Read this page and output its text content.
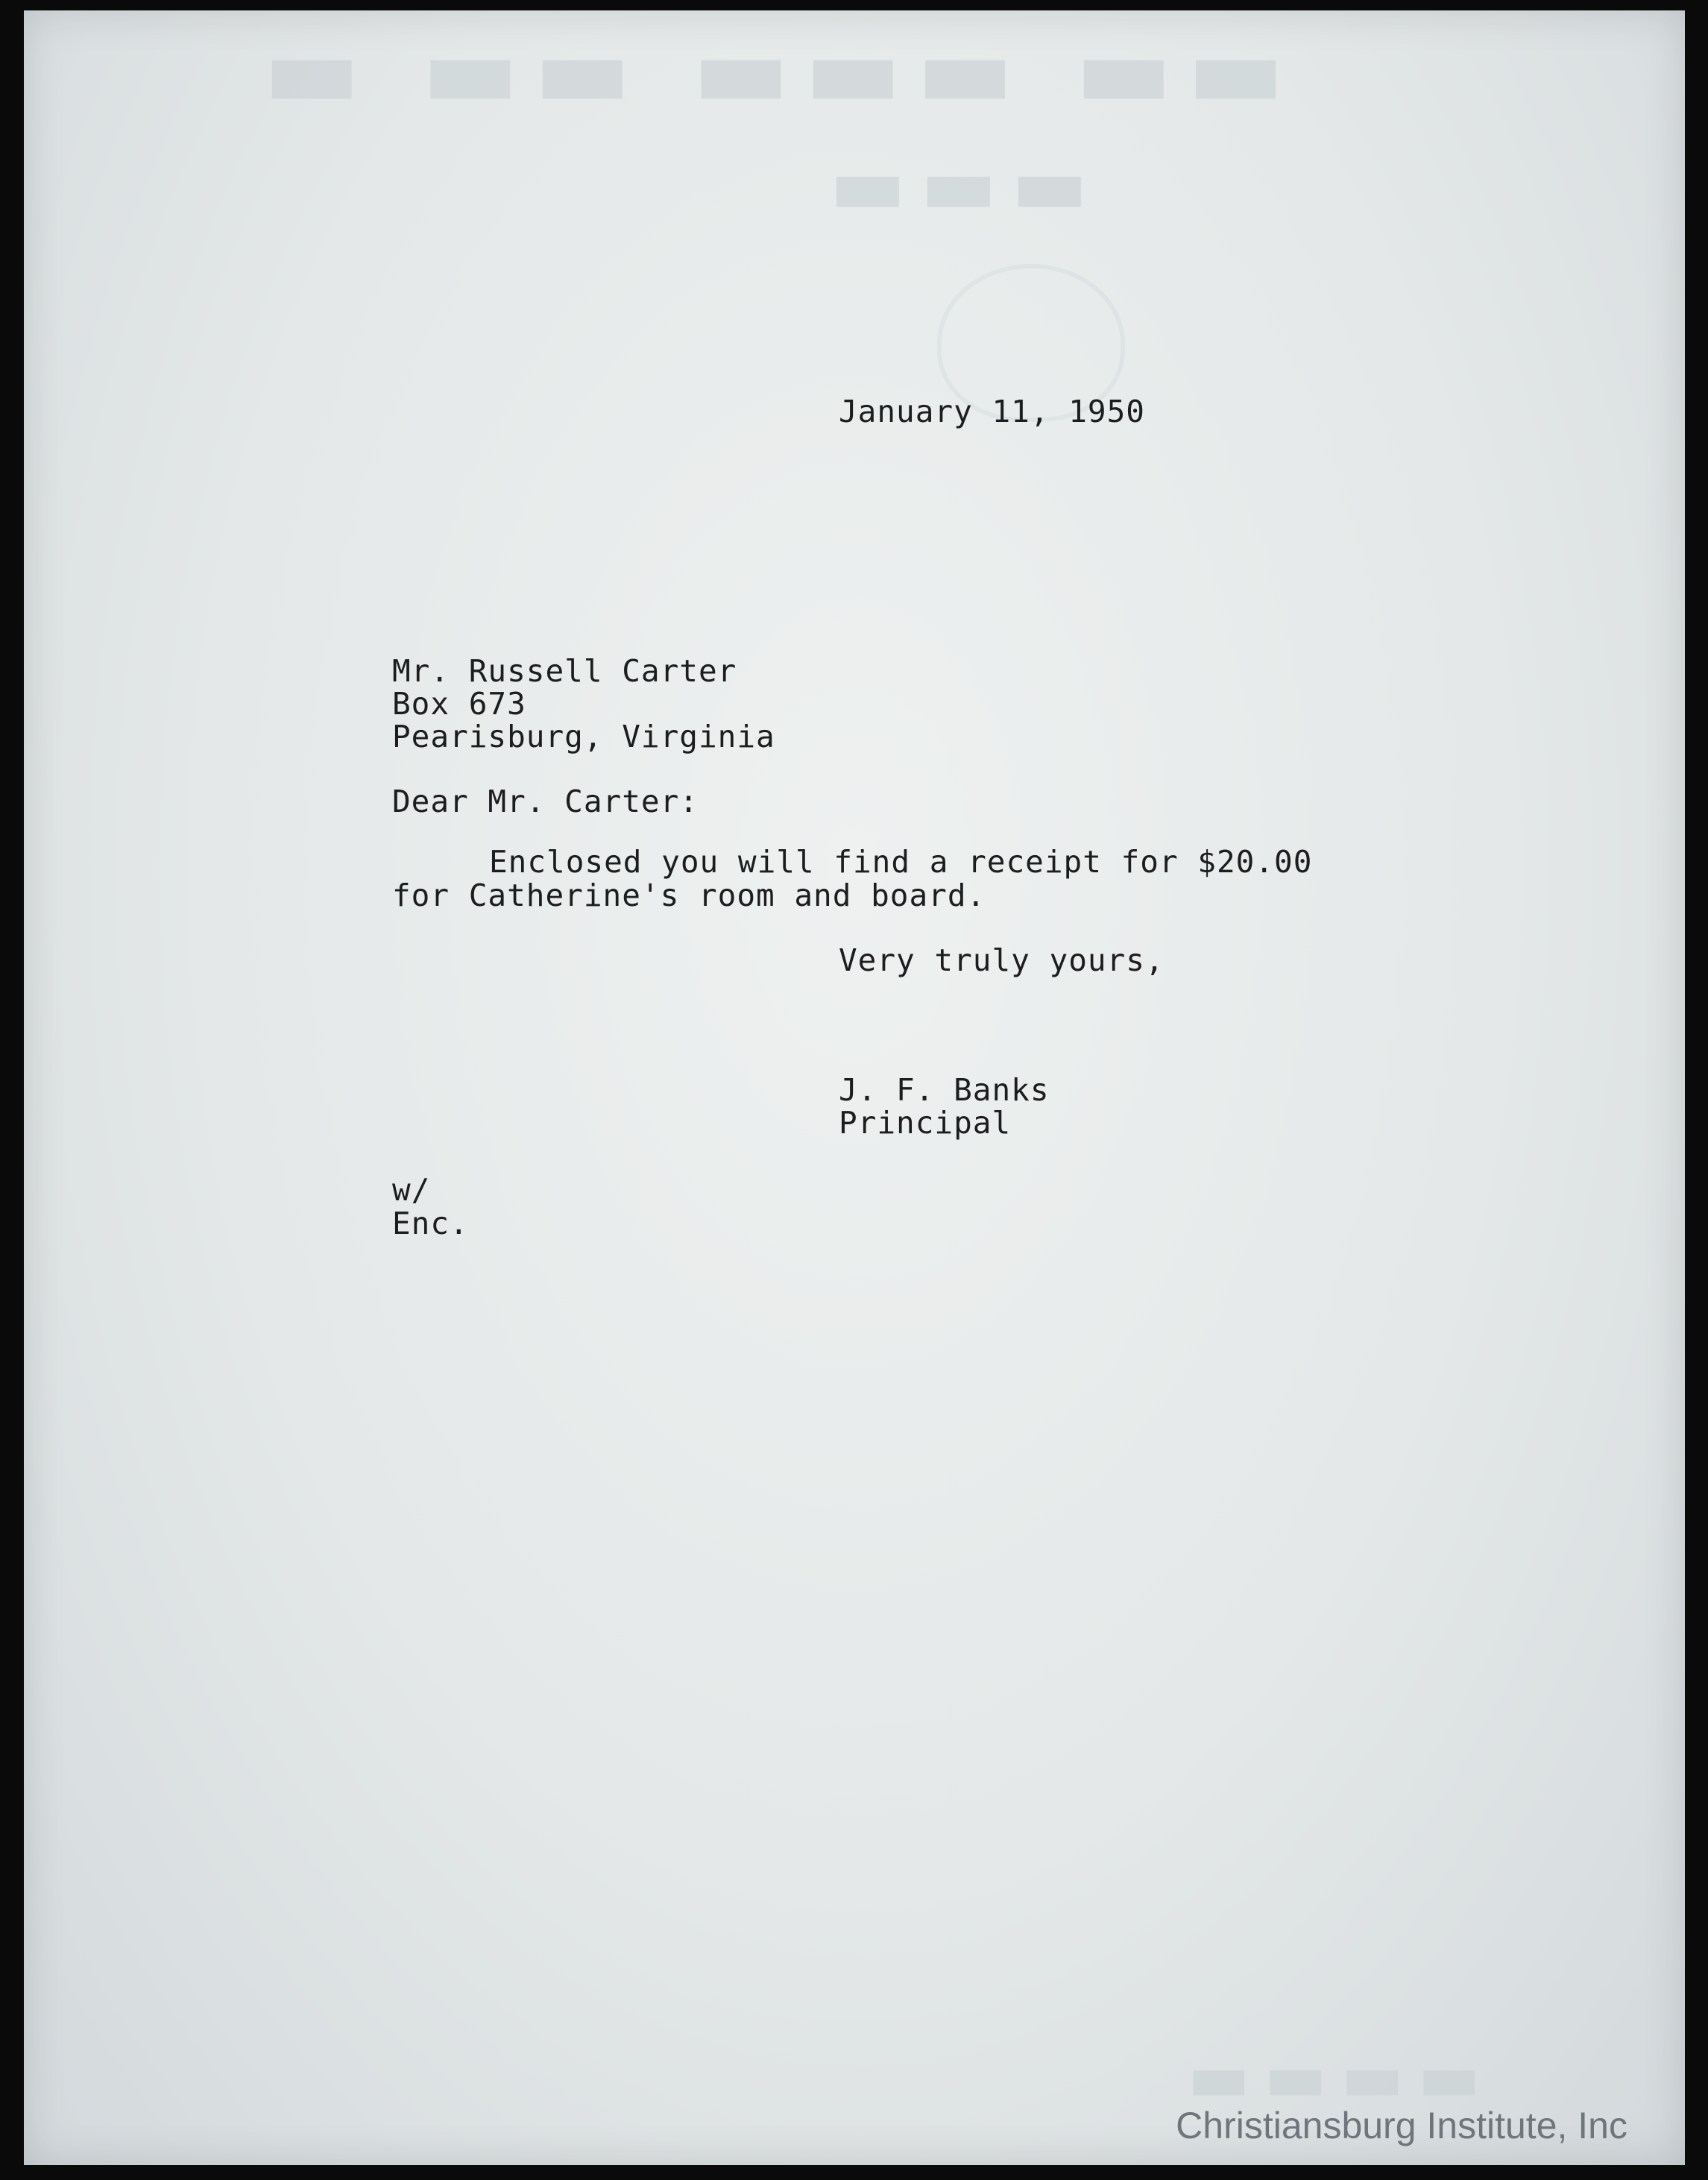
▬ ▬▬ ▬▬▬ ▬▬
▬▬▬
▬▬▬▬
January 11, 1950
Mr. Russell Carter
Box 673
Pearisburg, Virginia
Dear Mr. Carter:
Enclosed you will find a receipt for $20.00
for Catherine's room and board.
Very truly yours,
J. F. Banks
Principal
w/
Enc.
Christiansburg Institute, Inc
